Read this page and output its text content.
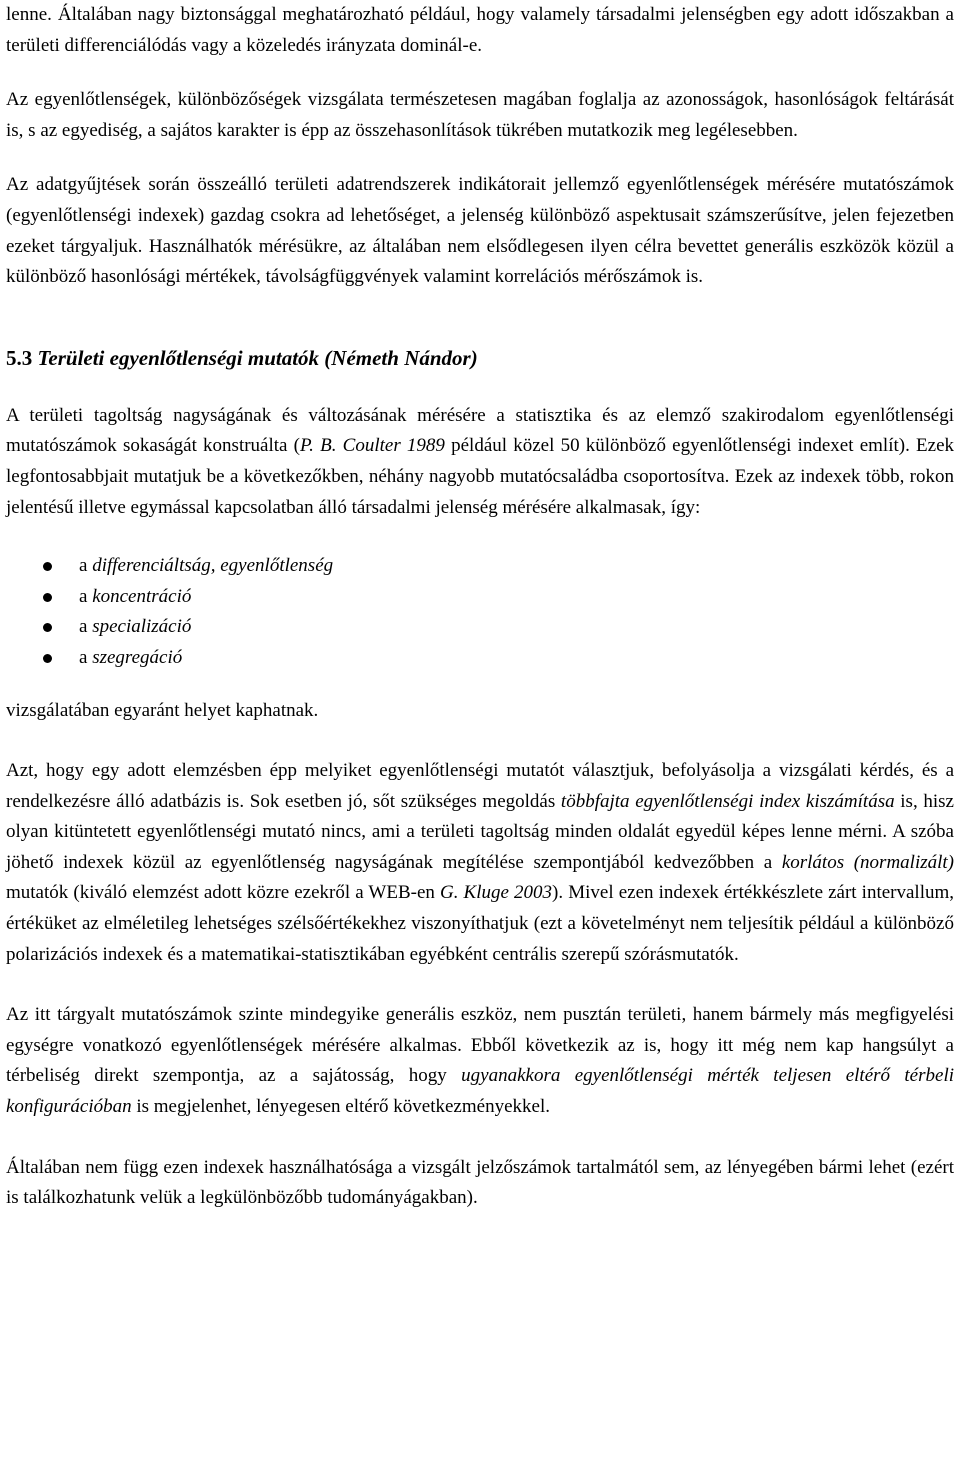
lenne. Általában nagy biztonsággal meghatározható például, hogy valamely társadalmi jelenségben egy adott időszakban a területi differenciálódás vagy a közeledés irányzata dominál-e.

Az egyenlőtlenségek, különbözőségek vizsgálata természetesen magában foglalja az azonosságok, hasonlóságok feltárását is, s az egyediség, a sajátos karakter is épp az összehasonlítások tükrében mutatkozik meg legélesebben.

Az adatgyűjtések során összeálló területi adatrendszerek indikátorait jellemző egyenlőtlenségek mérésére mutatószámok (egyenlőtlenségi indexek) gazdag csokra ad lehetőséget, a jelenség különböző aspektusait számszerűsítve, jelen fejezetben ezeket tárgyaljuk. Használhatók mérésükre, az általában nem elsődlegesen ilyen célra bevettet generális eszközök közül a különböző hasonlósági mértékek, távolságfüggvények valamint korrelációs mérőszámok is.

5.3 Területi egyenlőtlenségi mutatók (Németh Nándor)

A területi tagoltság nagyságának és változásának mérésére a statisztika és az elemző szakirodalom egyenlőtlenségi mutatószámok sokaságát konstruálta (P. B. Coulter 1989 például közel 50 különböző egyenlőtlenségi indexet említ). Ezek legfontosabbjait mutatjuk be a következőkben, néhány nagyobb mutatócsaládba csoportosítva. Ezek az indexek több, rokon jelentésű illetve egymással kapcsolatban álló társadalmi jelenség mérésére alkalmasak, így:

a differenciáltság, egyenlőtlenség
a koncentráció
a specializáció
a szegregáció

vizsgálatában egyaránt helyet kaphatnak.

Azt, hogy egy adott elemzésben épp melyiket egyenlőtlenségi mutatót választjuk, befolyásolja a vizsgálati kérdés, és a rendelkezésre álló adatbázis is. Sok esetben jó, sőt szükséges megoldás többfajta egyenlőtlenségi index kiszámítása is, hisz olyan kitüntetett egyenlőtlenségi mutató nincs, ami a területi tagoltság minden oldalát egyedül képes lenne mérni. A szóba jöhető indexek közül az egyenlőtlenség nagyságának megítélése szempontjából kedvezőbben a korlátos (normalizált) mutatók (kiváló elemzést adott közre ezekről a WEB-en G. Kluge 2003). Mivel ezen indexek értékkészlete zárt intervallum, értéküket az elméletileg lehetséges szélsőértékekhez viszonyíthatjuk (ezt a követelményt nem teljesítik például a különböző polarizációs indexek és a matematikai-statisztikában egyébként centrális szerepű szórásmutatók.

Az itt tárgyalt mutatószámok szinte mindegyike generális eszköz, nem pusztán területi, hanem bármely más megfigyelési egységre vonatkozó egyenlőtlenségek mérésére alkalmas. Ebből következik az is, hogy itt még nem kap hangsúlyt a térbeliség direkt szempontja, az a sajátosság, hogy ugyanakkora egyenlőtlenségi mérték teljesen eltérő térbeli konfigurációban is megjelenhet, lényegesen eltérő következményekkel.

Általában nem függ ezen indexek használhatósága a vizsgált jelzőszámok tartalmától sem, az lényegében bármi lehet (ezért is találkozhatunk velük a legkülönbözőbb tudományágakban).
